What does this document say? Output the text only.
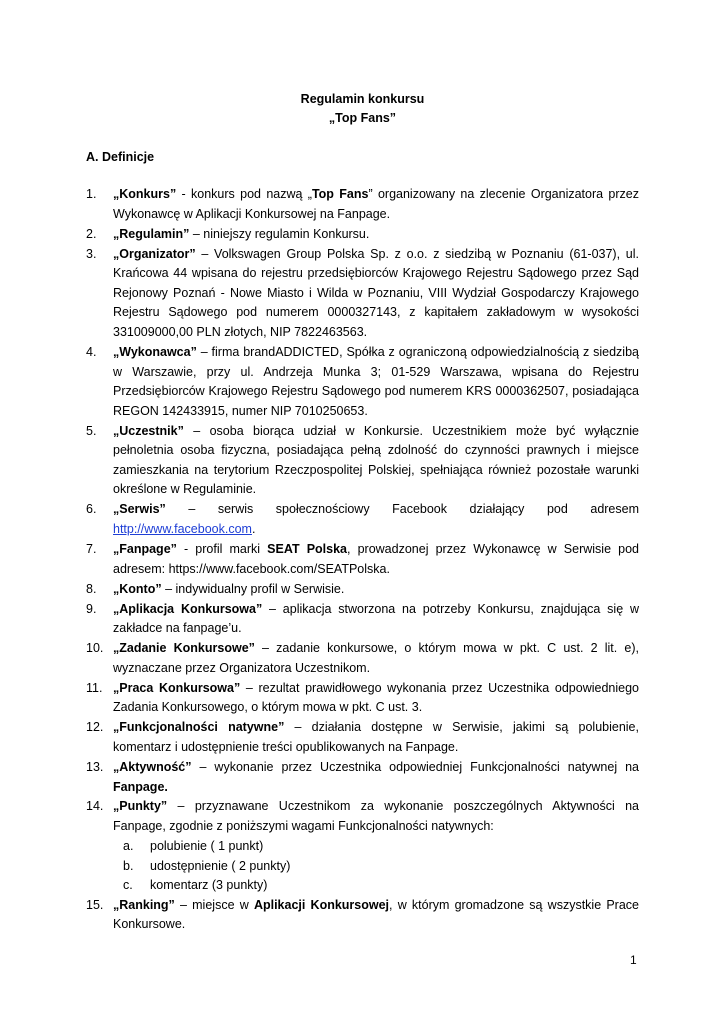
Regulamin konkursu
„Top Fans”
A. Definicje
1. „Konkurs” - konkurs pod nazwą „Top Fans” organizowany na zlecenie Organizatora przez Wykonawcę w Aplikacji Konkursowej na Fanpage.
2. „Regulamin” – niniejszy regulamin Konkursu.
3. „Organizator” – Volkswagen Group Polska Sp. z o.o. z siedzibą w Poznaniu (61-037), ul. Krańcowa 44 wpisana do rejestru przedsiębiorców Krajowego Rejestru Sądowego przez Sąd Rejonowy Poznań - Nowe Miasto i Wilda w Poznaniu, VIII Wydział Gospodarczy Krajowego Rejestru Sądowego pod numerem 0000327143, z kapitałem zakładowym w wysokości 331009000,00 PLN złotych, NIP 7822463563.
4. „Wykonawca” – firma brandADDICTED, Spółka z ograniczoną odpowiedzialnością z siedzibą w Warszawie, przy ul. Andrzeja Munka 3; 01-529 Warszawa, wpisana do Rejestru Przedsiębiorców Krajowego Rejestru Sądowego pod numerem KRS 0000362507, posiadająca REGON 142433915, numer NIP 7010250653.
5. „Uczestnik” – osoba biorąca udział w Konkursie. Uczestnikiem może być wyłącznie pełnoletnia osoba fizyczna, posiadająca pełną zdolność do czynności prawnych i miejsce zamieszkania na terytorium Rzeczpospolitej Polskiej, spełniająca również pozostałe warunki określone w Regulaminie.
6. „Serwis” – serwis społecznościowy Facebook działający pod adresem http://www.facebook.com.
7. „Fanpage” - profil marki SEAT Polska, prowadzonej przez Wykonawcę w Serwisie pod adresem: https://www.facebook.com/SEATPolska.
8. „Konto” – indywidualny profil w Serwisie.
9. „Aplikacja Konkursowa” – aplikacja stworzona na potrzeby Konkursu, znajdująca się w zakładce na fanpage’u.
10. „Zadanie Konkursowe” – zadanie konkursowe, o którym mowa w pkt. C ust. 2 lit. e), wyznaczane przez Organizatora Uczestnikom.
11. „Praca Konkursowa” – rezultat prawidłowego wykonania przez Uczestnika odpowiedniego Zadania Konkursowego, o którym mowa w pkt. C ust. 3.
12. „Funkcjonalności natywne” – działania dostępne w Serwisie, jakimi są polubienie, komentarz i udostępnienie treści opublikowanych na Fanpage.
13. „Aktywność” – wykonanie przez Uczestnika odpowiedniej Funkcjonalności natywnej na Fanpage.
14. „Punkty” – przyznawane Uczestnikom za wykonanie poszczególnych Aktywności na Fanpage, zgodnie z poniższymi wagami Funkcjonalności natywnych:
a. polubienie ( 1 punkt)
b. udostępnienie ( 2 punkty)
c. komentarz (3 punkty)
15. „Ranking” – miejsce w Aplikacji Konkursowej, w którym gromadzone są wszystkie Prace Konkursowe.
1
